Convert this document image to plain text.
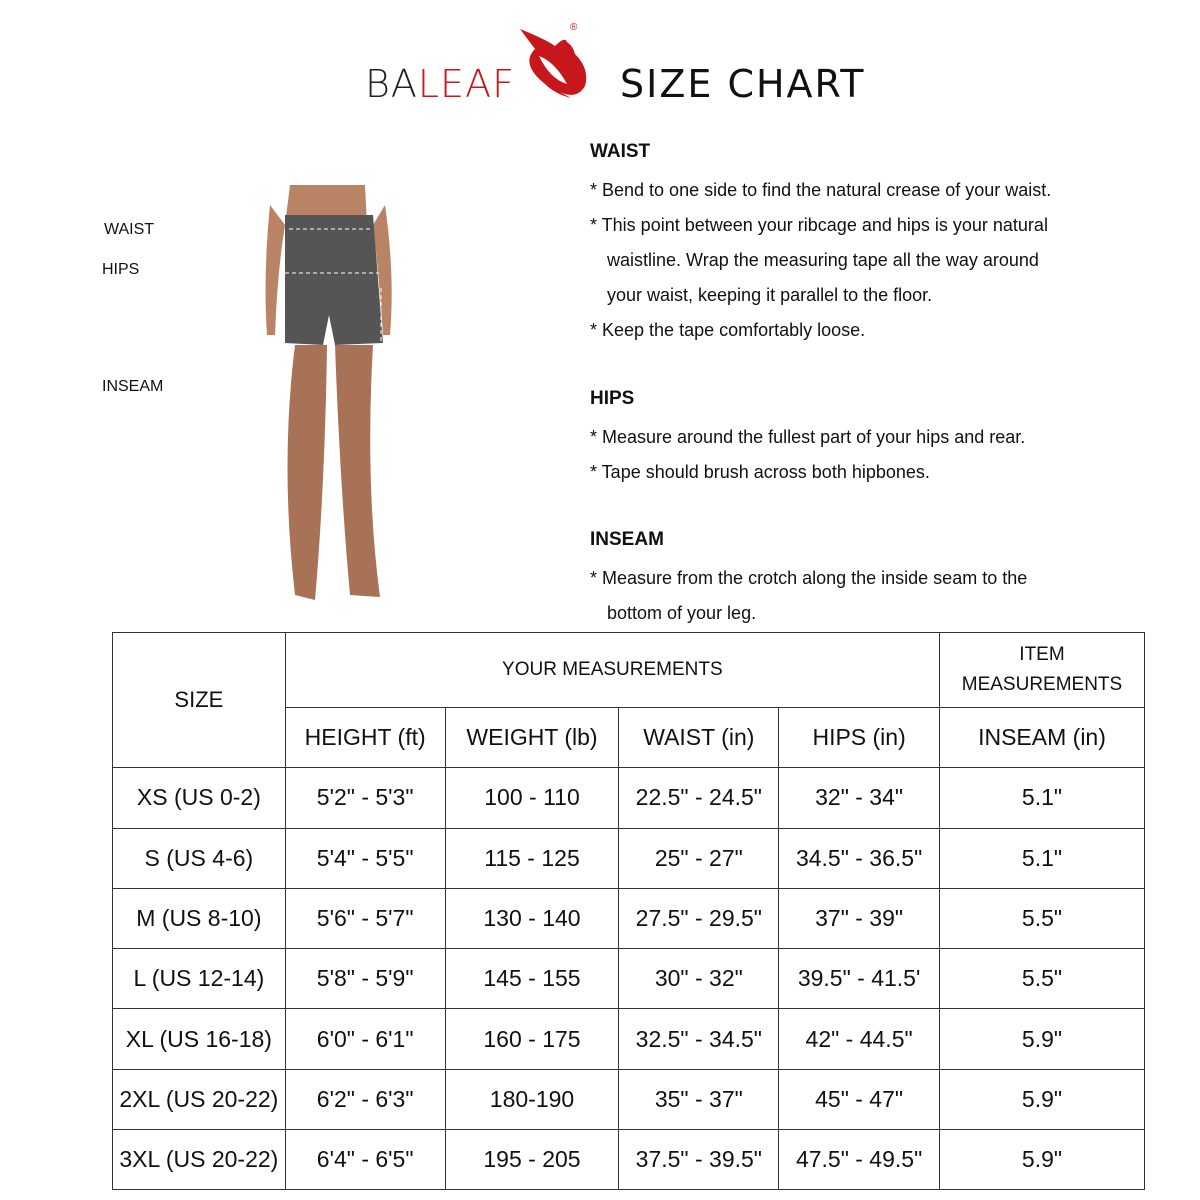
BALEAF
®
SIZE CHART
WAIST
HIPS
INSEAM
WAIST

* Bend to one side to find the natural crease of your waist.

* This point between your ribcage and hips is your natural

waistline. Wrap the measuring tape all the way around

your waist, keeping it parallel to the floor.

* Keep the tape comfortably loose.

HIPS

* Measure around the fullest part of your hips and rear.

* Tape should brush across both hipbones.

INSEAM

* Measure from the crotch along the inside seam to the

bottom of your leg.

SIZE	YOUR MEASUREMENTS				ITEM MEASUREMENTS
	HEIGHT (ft)	WEIGHT (lb)	WAIST (in)	HIPS (in)	INSEAM (in)
XS (US 0-2)	5'2" - 5'3"	100 - 110	22.5" - 24.5"	32" - 34"	5.1"
S (US 4-6)	5'4" - 5'5"	115 - 125	25" - 27"	34.5" - 36.5"	5.1"
M (US 8-10)	5'6" - 5'7"	130 - 140	27.5" - 29.5"	37" - 39"	5.5"
L (US 12-14)	5'8" - 5'9"	145 - 155	30" - 32"	39.5" - 41.5'	5.5"
XL (US 16-18)	6'0" - 6'1"	160 - 175	32.5" - 34.5"	42" - 44.5"	5.9"
2XL (US 20-22)	6'2" - 6'3"	180-190	35" - 37"	45" - 47"	5.9"
3XL (US 20-22)	6'4" - 6'5"	195 - 205	37.5" - 39.5"	47.5" - 49.5"	5.9"
